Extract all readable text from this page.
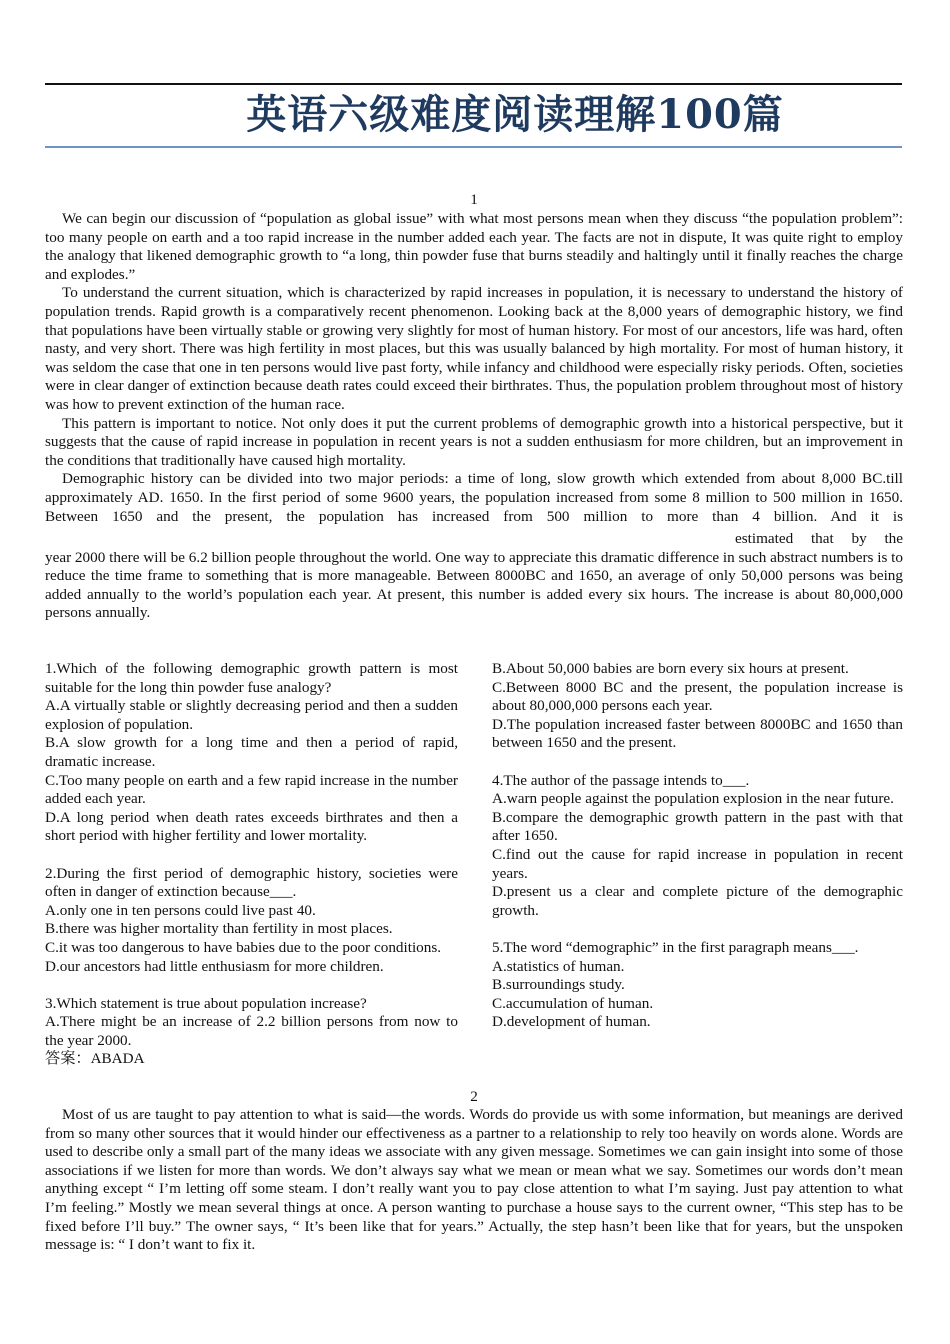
英语六级难度阅读理解100篇
1

We can begin our discussion of “population as global issue” with what most persons mean when they discuss “the population problem”: too many people on earth and a too rapid increase in the number added each year. The facts are not in dispute, It was quite right to employ the analogy that likened demographic growth to “a long, thin powder fuse that burns steadily and haltingly until it finally reaches the charge and explodes.”

To understand the current situation, which is characterized by rapid increases in population, it is necessary to understand the history of population trends. Rapid growth is a comparatively recent phenomenon. Looking back at the 8,000 years of demographic history, we find that populations have been virtually stable or growing very slightly for most of human history. For most of our ancestors, life was hard, often nasty, and very short. There was high fertility in most places, but this was usually balanced by high mortality. For most of human history, it was seldom the case that one in ten persons would live past forty, while infancy and childhood were especially risky periods. Often, societies were in clear danger of extinction because death rates could exceed their birthrates. Thus, the population problem throughout most of history was how to prevent extinction of the human race.

This pattern is important to notice. Not only does it put the current problems of demographic growth into a historical perspective, but it suggests that the cause of rapid increase in population in recent years is not a sudden enthusiasm for more children, but an improvement in the conditions that traditionally have caused high mortality.

Demographic history can be divided into two major periods: a time of long, slow growth which extended from about 8,000 BC.till approximately AD. 1650. In the first period of some 9600 years, the population increased from some 8 million to 500 million in 1650. Between 1650 and the present, the population has increased from 500 million to more than 4 billion. And it is

estimated that by the

year 2000 there will be 6.2 billion people throughout the world. One way to appreciate this dramatic difference in such abstract numbers is to reduce the time frame to something that is more manageable. Between 8000BC and 1650, an average of only 50,000 persons was being added annually to the world’s population each year. At present, this number is added every six hours. The increase is about 80,000,000 persons annually.

1.Which of the following demographic growth pattern is most suitable for the long thin powder fuse analogy?
A.A virtually stable or slightly decreasing period and then a sudden explosion of population.
B.A slow growth for a long time and then a period of rapid, dramatic increase.
C.Too many people on earth and a few rapid increase in the number added each year.
D.A long period when death rates exceeds birthrates and then a short period with higher fertility and lower mortality.
2.During the first period of demographic history, societies were often in danger of extinction because___.
A.only one in ten persons could live past 40.
B.there was higher mortality than fertility in most places.
C.it was too dangerous to have babies due to the poor conditions.
D.our ancestors had little enthusiasm for more children.
3.Which statement is true about population increase?
A.There might be an increase of 2.2 billion persons from now to the year 2000.
答案：ABADA
B.About 50,000 babies are born every six hours at present.
C.Between 8000 BC and the present, the population increase is about 80,000,000 persons each year.
D.The population increased faster between 8000BC and 1650 than between 1650 and the present.
4.The author of the passage intends to___.
A.warn people against the population explosion in the near future.
B.compare the demographic growth pattern in the past with that after 1650.
C.find out the cause for rapid increase in population in recent years.
D.present us a clear and complete picture of the demographic growth.
5.The word “demographic” in the first paragraph means___.
A.statistics of human.
B.surroundings study.
C.accumulation of human.
D.development of human.
2

Most of us are taught to pay attention to what is said—the words. Words do provide us with some information, but meanings are derived from so many other sources that it would hinder our effectiveness as a partner to a relationship to rely too heavily on words alone. Words are used to describe only a small part of the many ideas we associate with any given message. Sometimes we can gain insight into some of those associations if we listen for more than words. We don’t always say what we mean or mean what we say. Sometimes our words don’t mean anything except “ I’m letting off some steam. I don’t really want you to pay close attention to what I’m saying. Just pay attention to what I’m feeling.” Mostly we mean several things at once. A person wanting to purchase a house says to the current owner, “This step has to be fixed before I’ll buy.” The owner says, “ It’s been like that for years.” Actually, the step hasn’t been like that for years, but the unspoken message is: “ I don’t want to fix it.
